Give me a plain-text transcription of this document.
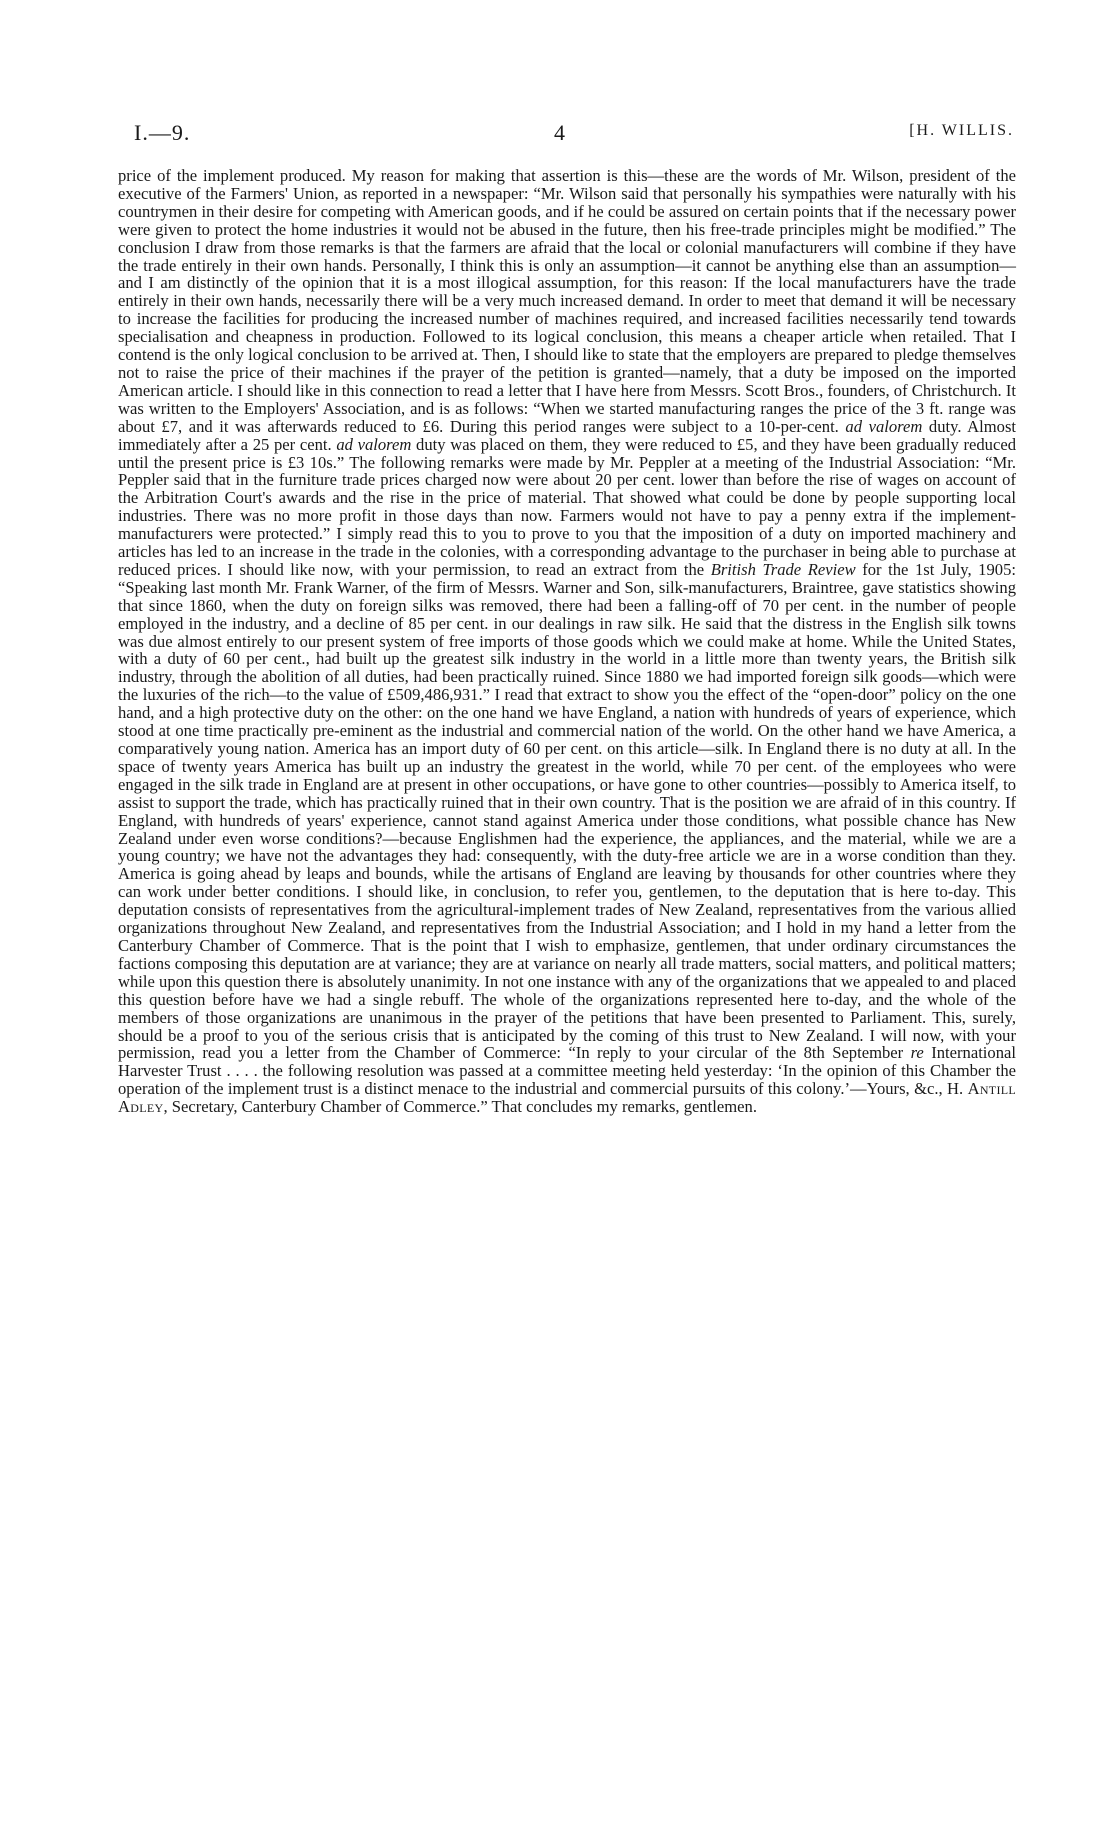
I.—9.	4	[H. WILLIS.

price of the implement produced. My reason for making that assertion is this—these are the words of Mr. Wilson, president of the executive of the Farmers' Union, as reported in a newspaper: “Mr. Wilson said that personally his sympathies were naturally with his countrymen in their desire for competing with American goods, and if he could be assured on certain points that if the necessary power were given to protect the home industries it would not be abused in the future, then his free-trade principles might be modified.” The conclusion I draw from those remarks is that the farmers are afraid that the local or colonial manufacturers will combine if they have the trade entirely in their own hands. Personally, I think this is only an assumption—it cannot be anything else than an assumption—and I am distinctly of the opinion that it is a most illogical assumption, for this reason: If the local manufacturers have the trade entirely in their own hands, necessarily there will be a very much increased demand. In order to meet that demand it will be necessary to increase the facilities for producing the increased number of machines required, and increased facilities necessarily tend towards specialisation and cheapness in production. Followed to its logical conclusion, this means a cheaper article when retailed. That I contend is the only logical conclusion to be arrived at. Then, I should like to state that the employers are prepared to pledge themselves not to raise the price of their machines if the prayer of the petition is granted—namely, that a duty be imposed on the imported American article. I should like in this connection to read a letter that I have here from Messrs. Scott Bros., founders, of Christchurch. It was written to the Employers' Association, and is as follows: “When we started manufacturing ranges the price of the 3 ft. range was about £7, and it was afterwards reduced to £6. During this period ranges were subject to a 10-per-cent. ad valorem duty. Almost immediately after a 25 per cent. ad valorem duty was placed on them, they were reduced to £5, and they have been gradually reduced until the present price is £3 10s.” The following remarks were made by Mr. Peppler at a meeting of the Industrial Association: “Mr. Peppler said that in the furniture trade prices charged now were about 20 per cent. lower than before the rise of wages on account of the Arbitration Court's awards and the rise in the price of material. That showed what could be done by people supporting local industries. There was no more profit in those days than now. Farmers would not have to pay a penny extra if the implement-manufacturers were protected.” I simply read this to you to prove to you that the imposition of a duty on imported machinery and articles has led to an increase in the trade in the colonies, with a corresponding advantage to the purchaser in being able to purchase at reduced prices. I should like now, with your permission, to read an extract from the British Trade Review for the 1st July, 1905: “Speaking last month Mr. Frank Warner, of the firm of Messrs. Warner and Son, silk-manufacturers, Braintree, gave statistics showing that since 1860, when the duty on foreign silks was removed, there had been a falling-off of 70 per cent. in the number of people employed in the industry, and a decline of 85 per cent. in our dealings in raw silk. He said that the distress in the English silk towns was due almost entirely to our present system of free imports of those goods which we could make at home. While the United States, with a duty of 60 per cent., had built up the greatest silk industry in the world in a little more than twenty years, the British silk industry, through the abolition of all duties, had been practically ruined. Since 1880 we had imported foreign silk goods—which were the luxuries of the rich—to the value of £509,486,931.” I read that extract to show you the effect of the “open-door” policy on the one hand, and a high protective duty on the other: on the one hand we have England, a nation with hundreds of years of experience, which stood at one time practically pre-eminent as the industrial and commercial nation of the world. On the other hand we have America, a comparatively young nation. America has an import duty of 60 per cent. on this article—silk. In England there is no duty at all. In the space of twenty years America has built up an industry the greatest in the world, while 70 per cent. of the employees who were engaged in the silk trade in England are at present in other occupations, or have gone to other countries—possibly to America itself, to assist to support the trade, which has practically ruined that in their own country. That is the position we are afraid of in this country. If England, with hundreds of years' experience, cannot stand against America under those conditions, what possible chance has New Zealand under even worse conditions?—because Englishmen had the experience, the appliances, and the material, while we are a young country; we have not the advantages they had: consequently, with the duty-free article we are in a worse condition than they. America is going ahead by leaps and bounds, while the artisans of England are leaving by thousands for other countries where they can work under better conditions. I should like, in conclusion, to refer you, gentlemen, to the deputation that is here to-day. This deputation consists of representatives from the agricultural-implement trades of New Zealand, representatives from the various allied organizations throughout New Zealand, and representatives from the Industrial Association; and I hold in my hand a letter from the Canterbury Chamber of Commerce. That is the point that I wish to emphasize, gentlemen, that under ordinary circumstances the factions composing this deputation are at variance; they are at variance on nearly all trade matters, social matters, and political matters; while upon this question there is absolutely unanimity. In not one instance with any of the organizations that we appealed to and placed this question before have we had a single rebuff. The whole of the organizations represented here to-day, and the whole of the members of those organizations are unanimous in the prayer of the petitions that have been presented to Parliament. This, surely, should be a proof to you of the serious crisis that is anticipated by the coming of this trust to New Zealand. I will now, with your permission, read you a letter from the Chamber of Commerce: “In reply to your circular of the 8th September re International Harvester Trust . . . . the following resolution was passed at a committee meeting held yesterday: ‘In the opinion of this Chamber the operation of the implement trust is a distinct menace to the industrial and commercial pursuits of this colony.’—Yours, &c., H. Antill Adley, Secretary, Canterbury Chamber of Commerce.” That concludes my remarks, gentlemen.
